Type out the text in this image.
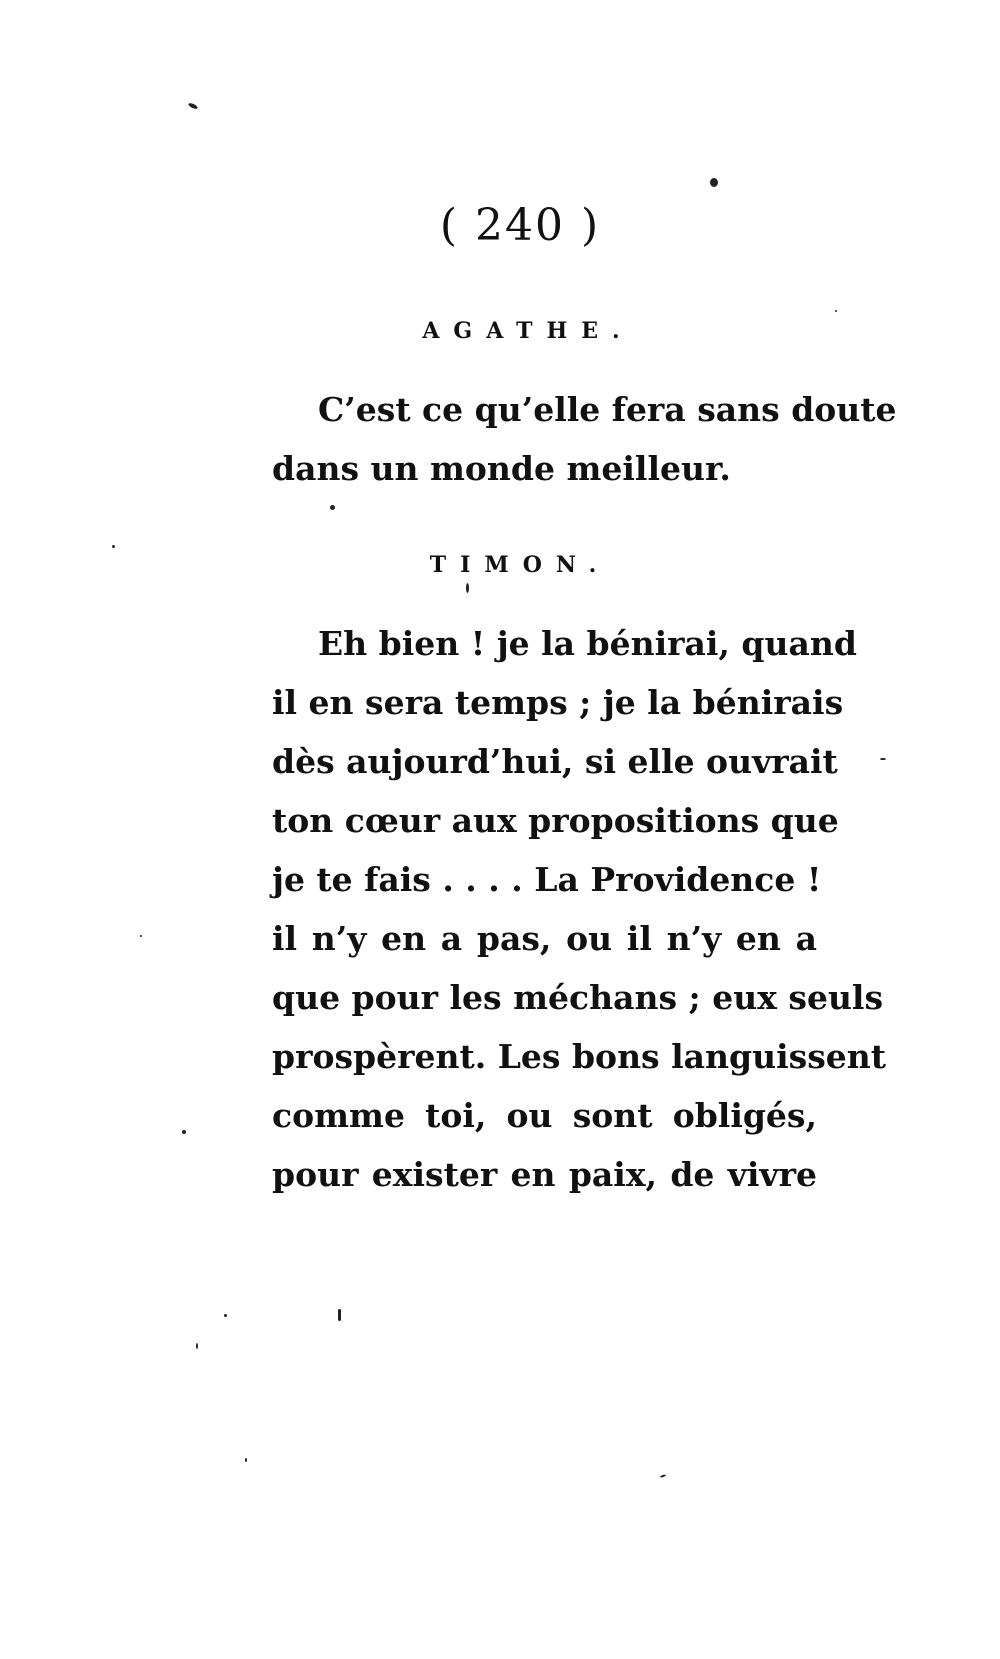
( 240 )
AGATHE.
C’est ce qu’elle fera sans doute
dans un monde meilleur.
TIMON.
Eh bien ! je la bénirai, quand
il en sera temps ; je la bénirais
dès aujourd’hui, si elle ouvrait
ton cœur aux propositions que
je te fais . . . . La Providence !
il n’y en a pas, ou il n’y en a
que pour les méchans ; eux seuls
prospèrent. Les bons languissent
comme toi, ou sont obligés,
pour exister en paix, de vivre
